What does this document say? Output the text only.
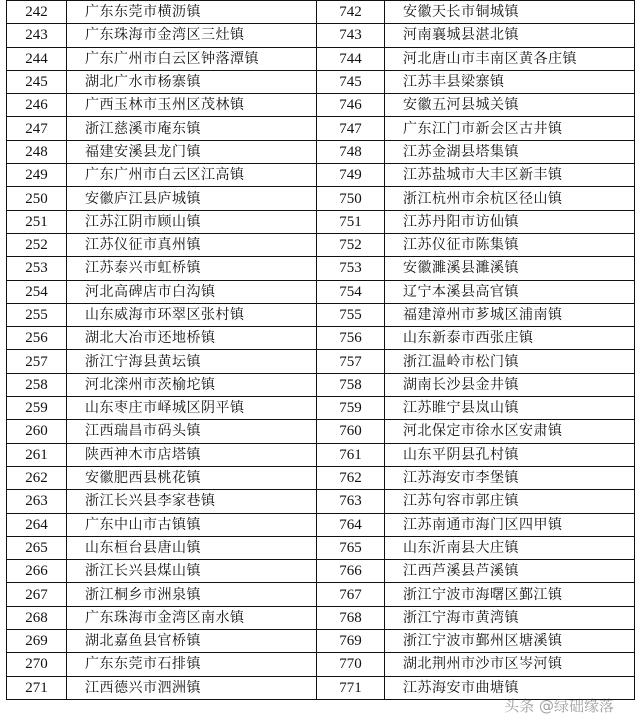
242	广东东莞市横沥镇	742	安徽天长市铜城镇
243	广东珠海市金湾区三灶镇	743	河南襄城县湛北镇
244	广东广州市白云区钟落潭镇	744	河北唐山市丰南区黄各庄镇
245	湖北广水市杨寨镇	745	江苏丰县梁寨镇
246	广西玉林市玉州区茂林镇	746	安徽五河县城关镇
247	浙江慈溪市庵东镇	747	广东江门市新会区古井镇
248	福建安溪县龙门镇	748	江苏金湖县塔集镇
249	广东广州市白云区江高镇	749	江苏盐城市大丰区新丰镇
250	安徽庐江县庐城镇	750	浙江杭州市余杭区径山镇
251	江苏江阴市顾山镇	751	江苏丹阳市访仙镇
252	江苏仪征市真州镇	752	江苏仪征市陈集镇
253	江苏泰兴市虹桥镇	753	安徽濉溪县濉溪镇
254	河北高碑店市白沟镇	754	辽宁本溪县高官镇
255	山东威海市环翠区张村镇	755	福建漳州市芗城区浦南镇
256	湖北大冶市还地桥镇	756	山东新泰市西张庄镇
257	浙江宁海县黄坛镇	757	浙江温岭市松门镇
258	河北滦州市茨榆坨镇	758	湖南长沙县金井镇
259	山东枣庄市峄城区阴平镇	759	江苏睢宁县岚山镇
260	江西瑞昌市码头镇	760	河北保定市徐水区安肃镇
261	陕西神木市店塔镇	761	山东平阴县孔村镇
262	安徽肥西县桃花镇	762	江苏海安市李堡镇
263	浙江长兴县李家巷镇	763	江苏句容市郭庄镇
264	广东中山市古镇镇	764	江苏南通市海门区四甲镇
265	山东桓台县唐山镇	765	山东沂南县大庄镇
266	浙江长兴县煤山镇	766	江西芦溪县芦溪镇
267	浙江桐乡市洲泉镇	767	浙江宁波市海曙区鄞江镇
268	广东珠海市金湾区南水镇	768	浙江宁海市黄湾镇
269	湖北嘉鱼县官桥镇	769	浙江宁波市鄞州区塘溪镇
270	广东东莞市石排镇	770	湖北荆州市沙市区岑河镇
271	江西德兴市泗洲镇	771	江苏海安市曲塘镇
头条 @绿础缘落
